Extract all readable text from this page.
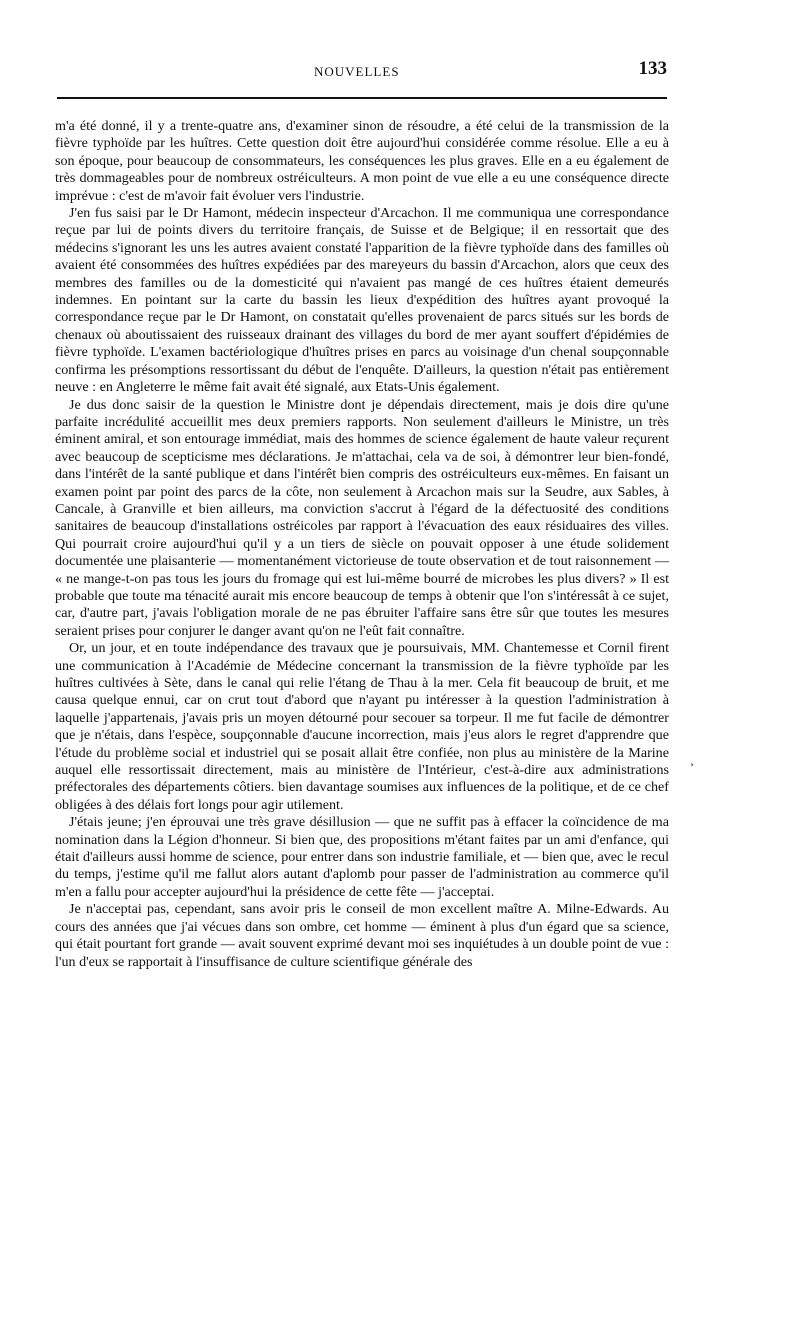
NOUVELLES	133

m'a été donné, il y a trente-quatre ans, d'examiner sinon de résoudre, a été celui de la transmission de la fièvre typhoïde par les huîtres. Cette question doit être aujourd'hui considérée comme résolue. Elle a eu à son époque, pour beaucoup de consommateurs, les conséquences les plus graves. Elle en a eu également de très dommageables pour de nombreux ostréiculteurs. A mon point de vue elle a eu une conséquence directe imprévue : c'est de m'avoir fait évoluer vers l'industrie.

J'en fus saisi par le Dr Hamont, médecin inspecteur d'Arcachon. Il me communiqua une correspondance reçue par lui de points divers du territoire français, de Suisse et de Belgique; il en ressortait que des médecins s'ignorant les uns les autres avaient constaté l'apparition de la fièvre typhoïde dans des familles où avaient été consommées des huîtres expédiées par des mareyeurs du bassin d'Arcachon, alors que ceux des membres des familles ou de la domesticité qui n'avaient pas mangé de ces huîtres étaient demeurés indemnes. En pointant sur la carte du bassin les lieux d'expédition des huîtres ayant provoqué la correspondance reçue par le Dr Hamont, on constatait qu'elles provenaient de parcs situés sur les bords de chenaux où aboutissaient des ruisseaux drainant des villages du bord de mer ayant souffert d'épidémies de fièvre typhoïde. L'examen bactériologique d'huîtres prises en parcs au voisinage d'un chenal soupçonnable confirma les présomptions ressortissant du début de l'enquête. D'ailleurs, la question n'était pas entièrement neuve : en Angleterre le même fait avait été signalé, aux Etats-Unis également.

Je dus donc saisir de la question le Ministre dont je dépendais directement, mais je dois dire qu'une parfaite incrédulité accueillit mes deux premiers rapports. Non seulement d'ailleurs le Ministre, un très éminent amiral, et son entourage immédiat, mais des hommes de science également de haute valeur reçurent avec beaucoup de scepticisme mes déclarations. Je m'attachai, cela va de soi, à démontrer leur bien-fondé, dans l'intérêt de la santé publique et dans l'intérêt bien compris des ostréiculteurs eux-mêmes. En faisant un examen point par point des parcs de la côte, non seulement à Arcachon mais sur la Seudre, aux Sables, à Cancale, à Granville et bien ailleurs, ma conviction s'accrut à l'égard de la défectuosité des conditions sanitaires de beaucoup d'installations ostréicoles par rapport à l'évacuation des eaux résiduaires des villes. Qui pourrait croire aujourd'hui qu'il y a un tiers de siècle on pouvait opposer à une étude solidement documentée une plaisanterie — momentanément victorieuse de toute observation et de tout raisonnement — « ne mange-t-on pas tous les jours du fromage qui est lui-même bourré de microbes les plus divers? » Il est probable que toute ma ténacité aurait mis encore beaucoup de temps à obtenir que l'on s'intéressât à ce sujet, car, d'autre part, j'avais l'obligation morale de ne pas ébruiter l'affaire sans être sûr que toutes les mesures seraient prises pour conjurer le danger avant qu'on ne l'eût fait connaître.

Or, un jour, et en toute indépendance des travaux que je poursuivais, MM. Chantemesse et Cornil firent une communication à l'Académie de Médecine concernant la transmission de la fièvre typhoïde par les huîtres cultivées à Sète, dans le canal qui relie l'étang de Thau à la mer. Cela fit beaucoup de bruit, et me causa quelque ennui, car on crut tout d'abord que n'ayant pu intéresser à la question l'administration à laquelle j'appartenais, j'avais pris un moyen détourné pour secouer sa torpeur. Il me fut facile de démontrer que je n'étais, dans l'espèce, soupçonnable d'aucune incorrection, mais j'eus alors le regret d'apprendre que l'étude du problème social et industriel qui se posait allait être confiée, non plus au ministère de la Marine auquel elle ressortissait directement, mais au ministère de l'Intérieur, c'est-à-dire aux administrations préfectorales des départements côtiers. bien davantage soumises aux influences de la politique, et de ce chef obligées à des délais fort longs pour agir utilement.

J'étais jeune; j'en éprouvai une très grave désillusion — que ne suffit pas à effacer la coïncidence de ma nomination dans la Légion d'honneur. Si bien que, des propositions m'étant faites par un ami d'enfance, qui était d'ailleurs aussi homme de science, pour entrer dans son industrie familiale, et — bien que, avec le recul du temps, j'estime qu'il me fallut alors autant d'aplomb pour passer de l'administration au commerce qu'il m'en a fallu pour accepter aujourd'hui la présidence de cette fête — j'acceptai.

Je n'acceptai pas, cependant, sans avoir pris le conseil de mon excellent maître A. Milne-Edwards. Au cours des années que j'ai vécues dans son ombre, cet homme — éminent à plus d'un égard que sa science, qui était pourtant fort grande — avait souvent exprimé devant moi ses inquiétudes à un double point de vue : l'un d'eux se rapportait à l'insuffisance de culture scientifique générale des

’
